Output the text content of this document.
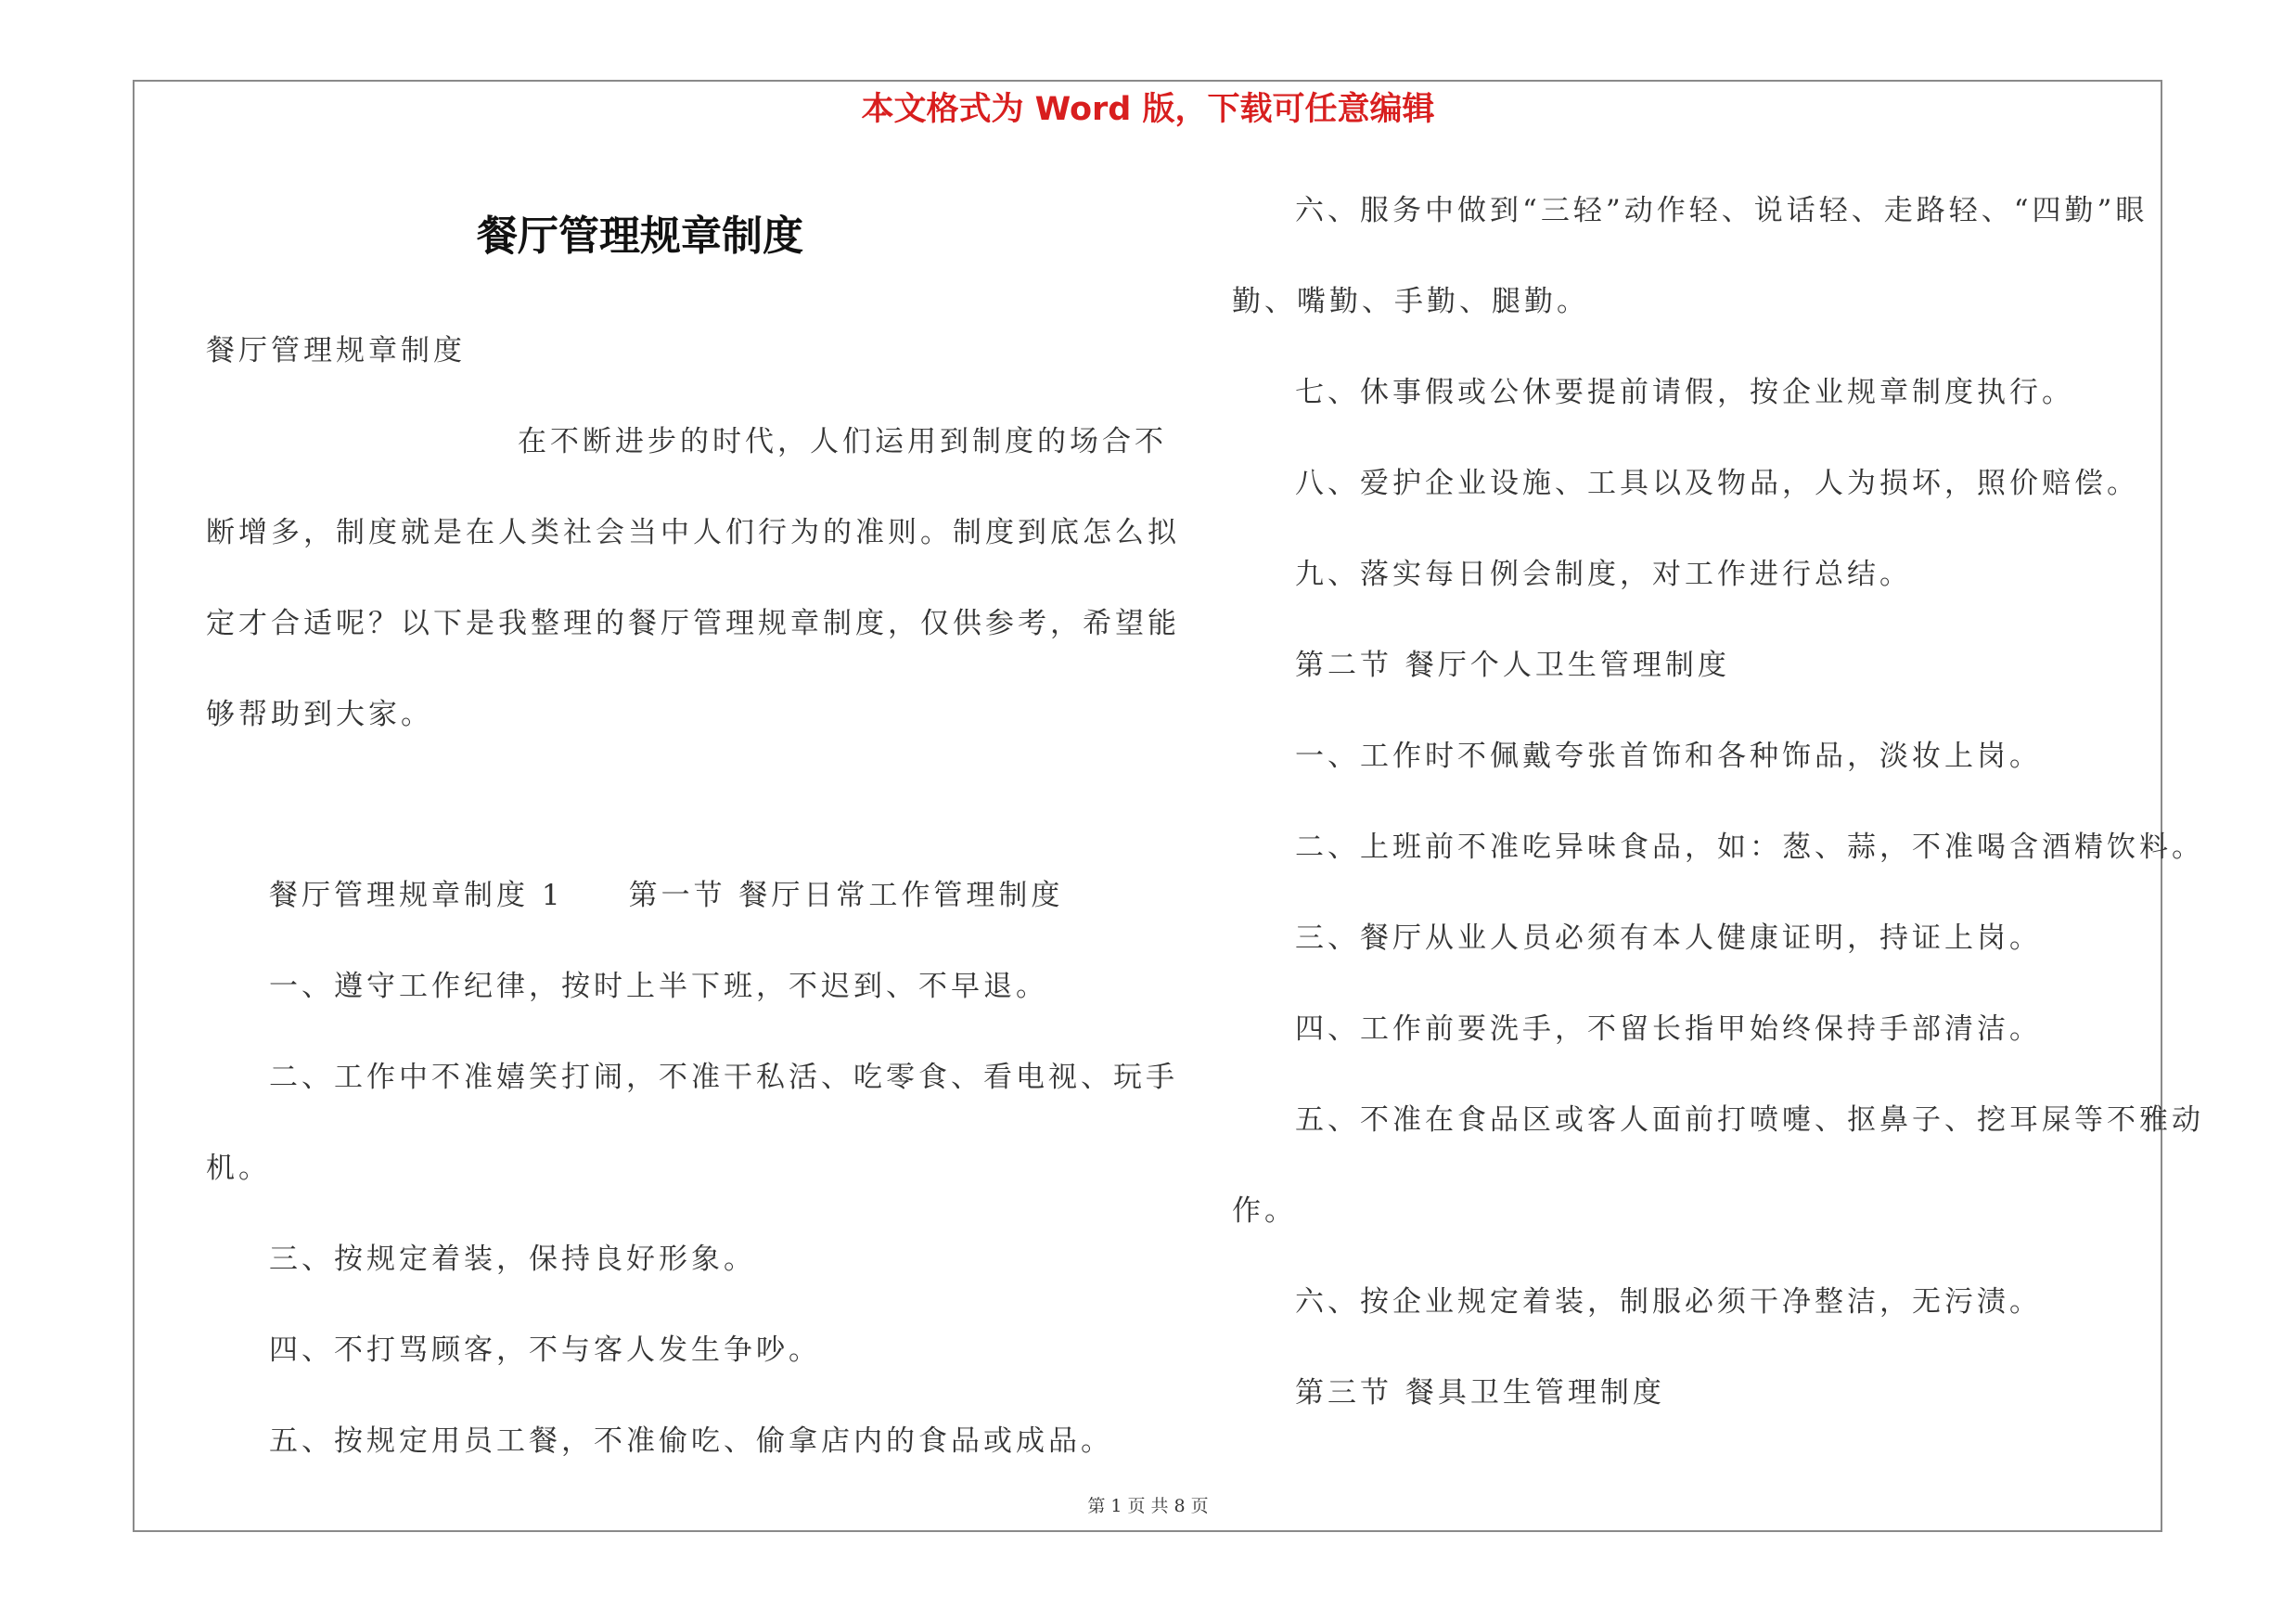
本文格式为 Word 版，下载可任意编辑
餐厅管理规章制度
餐厅管理规章制度
在不断进步的时代，人们运用到制度的场合不
断增多，制度就是在人类社会当中人们行为的准则。制度到底怎么拟
定才合适呢？以下是我整理的餐厅管理规章制度，仅供参考，希望能
够帮助到大家。
餐厅管理规章制度 1　　第一节 餐厅日常工作管理制度
一、遵守工作纪律，按时上半下班，不迟到、不早退。
二、工作中不准嬉笑打闹，不准干私活、吃零食、看电视、玩手
机。
三、按规定着装，保持良好形象。
四、不打骂顾客，不与客人发生争吵。
五、按规定用员工餐，不准偷吃、偷拿店内的食品或成品。
六、服务中做到“三轻”动作轻、说话轻、走路轻、“四勤”眼
勤、嘴勤、手勤、腿勤。
七、休事假或公休要提前请假，按企业规章制度执行。
八、爱护企业设施、工具以及物品，人为损坏，照价赔偿。
九、落实每日例会制度，对工作进行总结。
第二节 餐厅个人卫生管理制度
一、工作时不佩戴夸张首饰和各种饰品，淡妆上岗。
二、上班前不准吃异味食品，如：葱、蒜，不准喝含酒精饮料。
三、餐厅从业人员必须有本人健康证明，持证上岗。
四、工作前要洗手，不留长指甲始终保持手部清洁。
五、不准在食品区或客人面前打喷嚏、抠鼻子、挖耳屎等不雅动
作。
六、按企业规定着装，制服必须干净整洁，无污渍。
第三节 餐具卫生管理制度
第 1 页 共 8 页
